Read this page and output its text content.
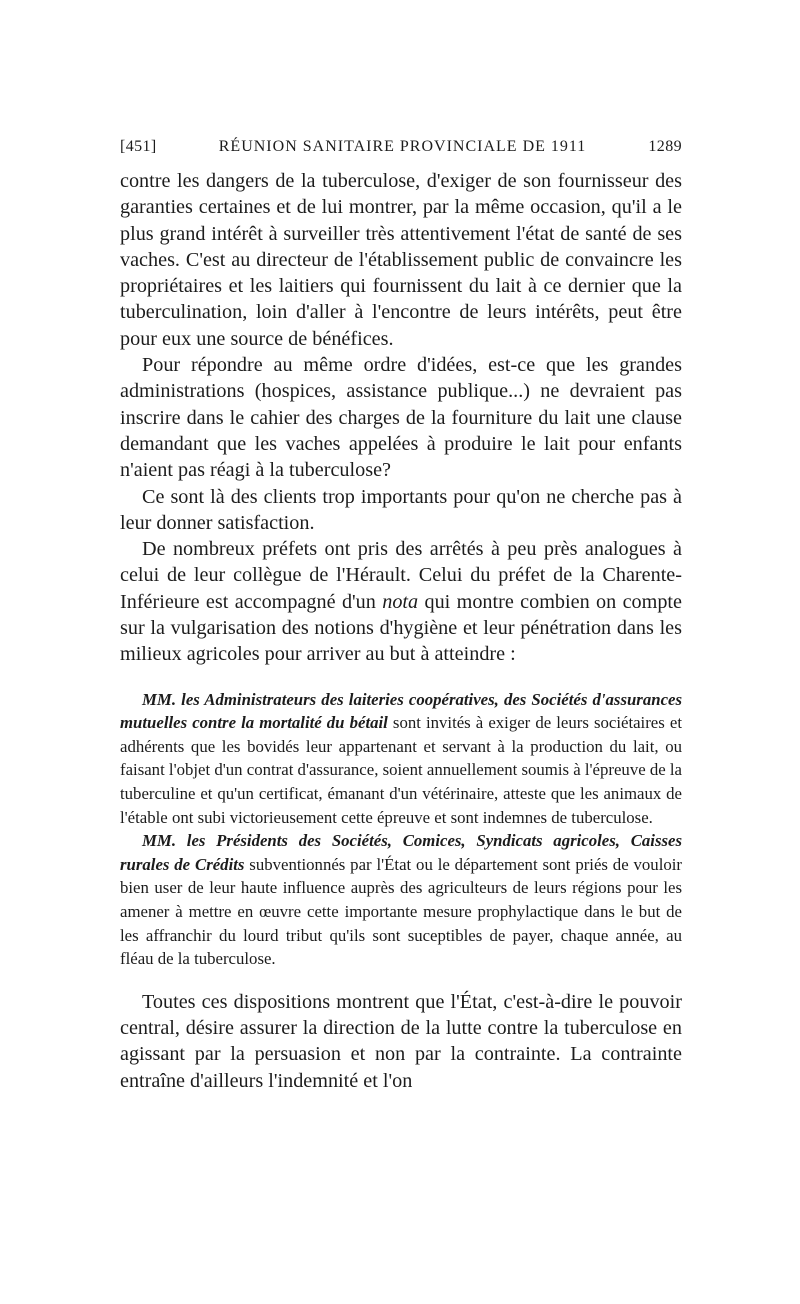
[451]	RÉUNION SANITAIRE PROVINCIALE DE 1911	1289

contre les dangers de la tuberculose, d'exiger de son fournisseur des garanties certaines et de lui montrer, par la même occasion, qu'il a le plus grand intérêt à surveiller très attentivement l'état de santé de ses vaches. C'est au directeur de l'établissement public de convaincre les propriétaires et les laitiers qui fournissent du lait à ce dernier que la tuberculination, loin d'aller à l'encontre de leurs intérêts, peut être pour eux une source de bénéfices.

Pour répondre au même ordre d'idées, est-ce que les grandes administrations (hospices, assistance publique...) ne devraient pas inscrire dans le cahier des charges de la fourniture du lait une clause demandant que les vaches appelées à produire le lait pour enfants n'aient pas réagi à la tuberculose?

Ce sont là des clients trop importants pour qu'on ne cherche pas à leur donner satisfaction.

De nombreux préfets ont pris des arrêtés à peu près analogues à celui de leur collègue de l'Hérault. Celui du préfet de la Charente-Inférieure est accompagné d'un nota qui montre combien on compte sur la vulgarisation des notions d'hygiène et leur pénétration dans les milieux agricoles pour arriver au but à atteindre :

MM. les Administrateurs des laiteries coopératives, des Sociétés d'assurances mutuelles contre la mortalité du bétail sont invités à exiger de leurs sociétaires et adhérents que les bovidés leur appartenant et servant à la production du lait, ou faisant l'objet d'un contrat d'assurance, soient annuellement soumis à l'épreuve de la tuberculine et qu'un certificat, émanant d'un vétérinaire, atteste que les animaux de l'étable ont subi victorieusement cette épreuve et sont indemnes de tuberculose.

MM. les Présidents des Sociétés, Comices, Syndicats agricoles, Caisses rurales de Crédits subventionnés par l'État ou le département sont priés de vouloir bien user de leur haute influence auprès des agriculteurs de leurs régions pour les amener à mettre en œuvre cette importante mesure prophylactique dans le but de les affranchir du lourd tribut qu'ils sont suceptibles de payer, chaque année, au fléau de la tuberculose.

Toutes ces dispositions montrent que l'État, c'est-à-dire le pouvoir central, désire assurer la direction de la lutte contre la tuberculose en agissant par la persuasion et non par la contrainte. La contrainte entraîne d'ailleurs l'indemnité et l'on
